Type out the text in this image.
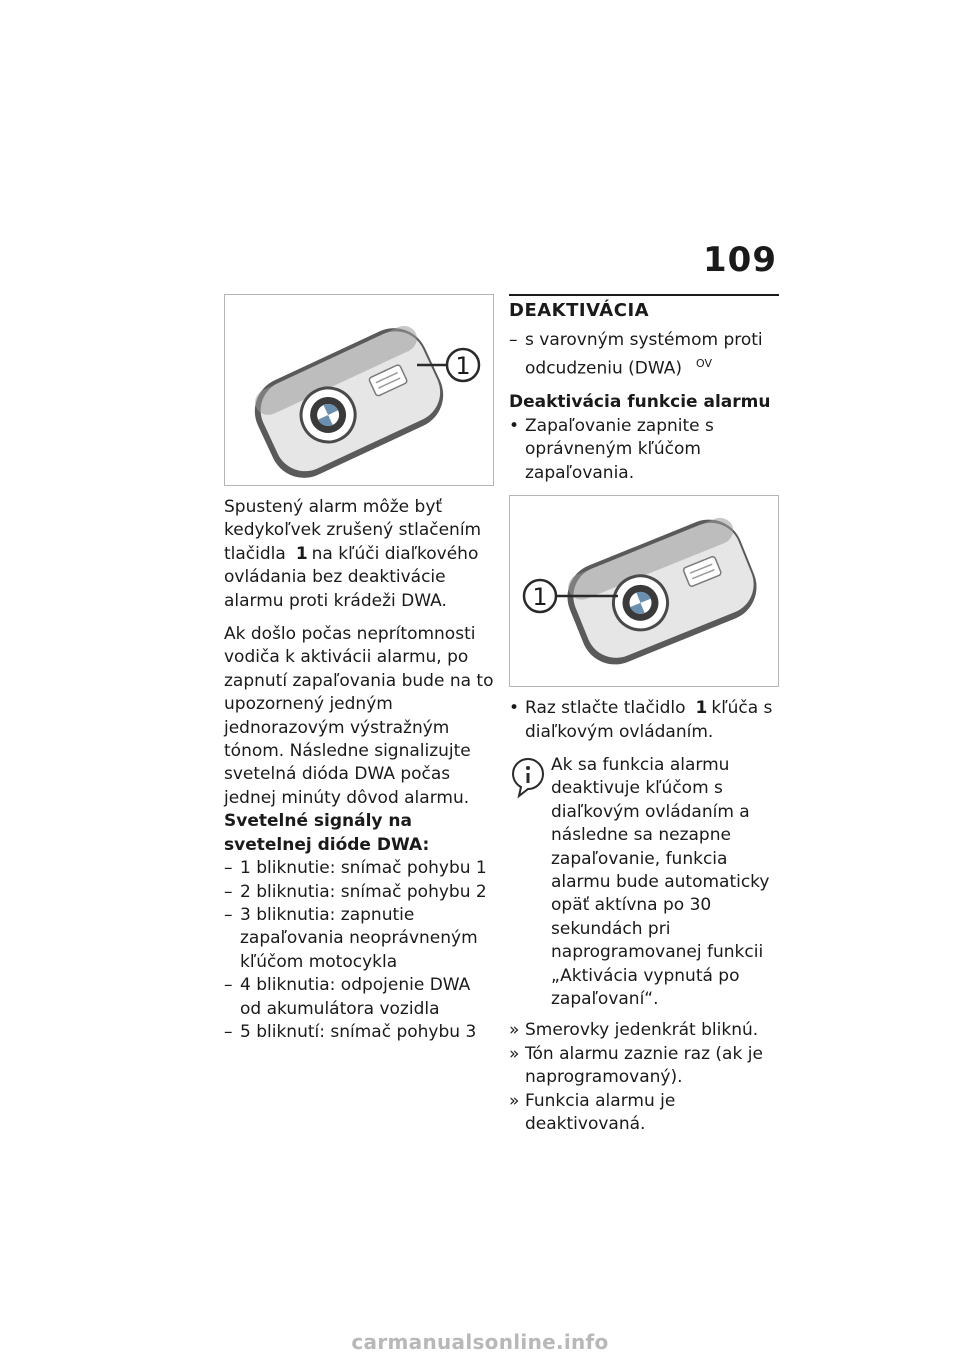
109
1

Spustený alarm môže byť kedykoľvek zrušený stlačením tlačidla 1 na kľúči diaľkového ovládania bez deaktivácie alarmu proti krádeži DWA.

Ak došlo počas neprítomnosti vodiča k aktivácii alarmu, po zapnutí zapaľovania bude na to upozornený jedným jednorazovým výstražným tónom. Následne signalizujte svetelná dióda DWA počas jednej minúty dôvod alarmu.

Svetelné signály na svetelnej dióde DWA:

– 1 bliknutie: snímač pohybu 1
– 2 bliknutia: snímač pohybu 2
– 3 bliknutia: zapnutie zapaľovania neoprávneným kľúčom motocykla
– 4 bliknutia: odpojenie DWA od akumulátora vozidla
– 5 bliknutí: snímač pohybu 3
DEAKTIVÁCIA
– s varovným systémom proti odcudzeniu (DWA) $^{OV}$

Deaktivácia funkcie alarmu

• Zapaľovanie zapnite s oprávneným kľúčom zapaľovania.
1
• Raz stlačte tlačidlo 1 kľúča s diaľkovým ovládaním.
Ak sa funkcia alarmu deaktivuje kľúčom s diaľkovým ovládaním a následne sa nezapne zapaľovanie, funkcia alarmu bude automaticky opäť aktívna po 30 sekundách pri naprogramovanej funkcii „Aktivácia vypnutá po zapaľovaní“.
» Smerovky jedenkrát bliknú.
» Tón alarmu zaznie raz (ak je naprogramovaný).
» Funkcia alarmu je deaktivovaná.
carmanualsonline.info
